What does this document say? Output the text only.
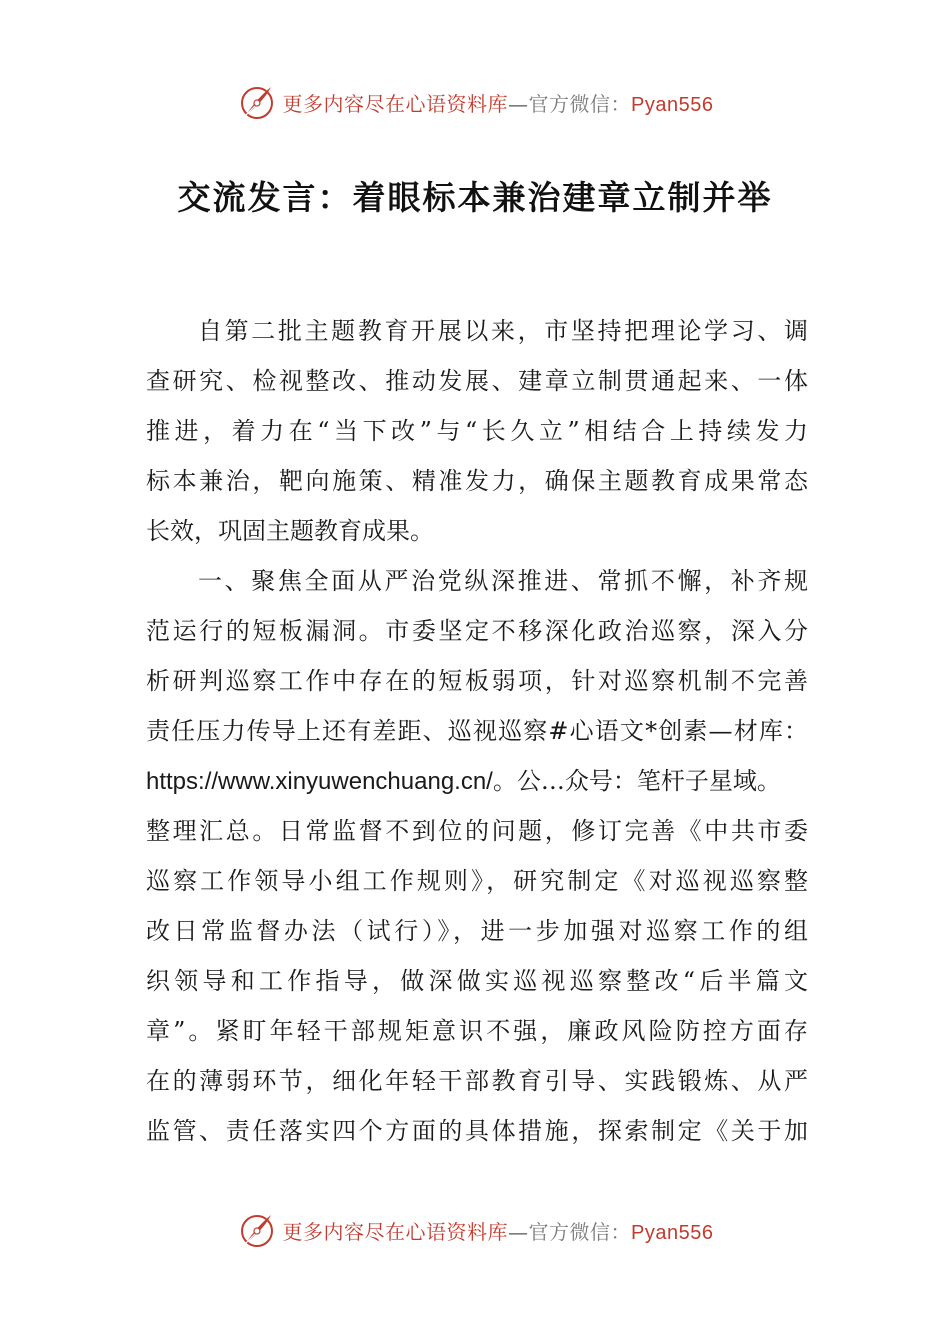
更多内容尽在心语资料库—官方微信：Pyan556
交流发言：着眼标本兼治建章立制并举
自第二批主题教育开展以来，市坚持把理论学习、调
查研究、检视整改、推动发展、建章立制贯通起来、一体
推进，着力在“当下改”与“长久立”相结合上持续发力
标本兼治，靶向施策、精准发力，确保主题教育成果常态
长效，巩固主题教育成果。
一、聚焦全面从严治党纵深推进、常抓不懈，补齐规
范运行的短板漏洞。市委坚定不移深化政治巡察，深入分
析研判巡察工作中存在的短板弱项，针对巡察机制不完善
责任压力传导上还有差距、巡视巡察#心语文*创素—材库：
https://www.xinyuwenchuang.cn/。公…众号：笔杆子星域。
整理汇总。日常监督不到位的问题，修订完善《中共市委
巡察工作领导小组工作规则》，研究制定《对巡视巡察整
改日常监督办法（试行）》，进一步加强对巡察工作的组
织领导和工作指导，做深做实巡视巡察整改“后半篇文
章”。紧盯年轻干部规矩意识不强，廉政风险防控方面存
在的薄弱环节，细化年轻干部教育引导、实践锻炼、从严
监管、责任落实四个方面的具体措施，探索制定《关于加
更多内容尽在心语资料库—官方微信：Pyan556
